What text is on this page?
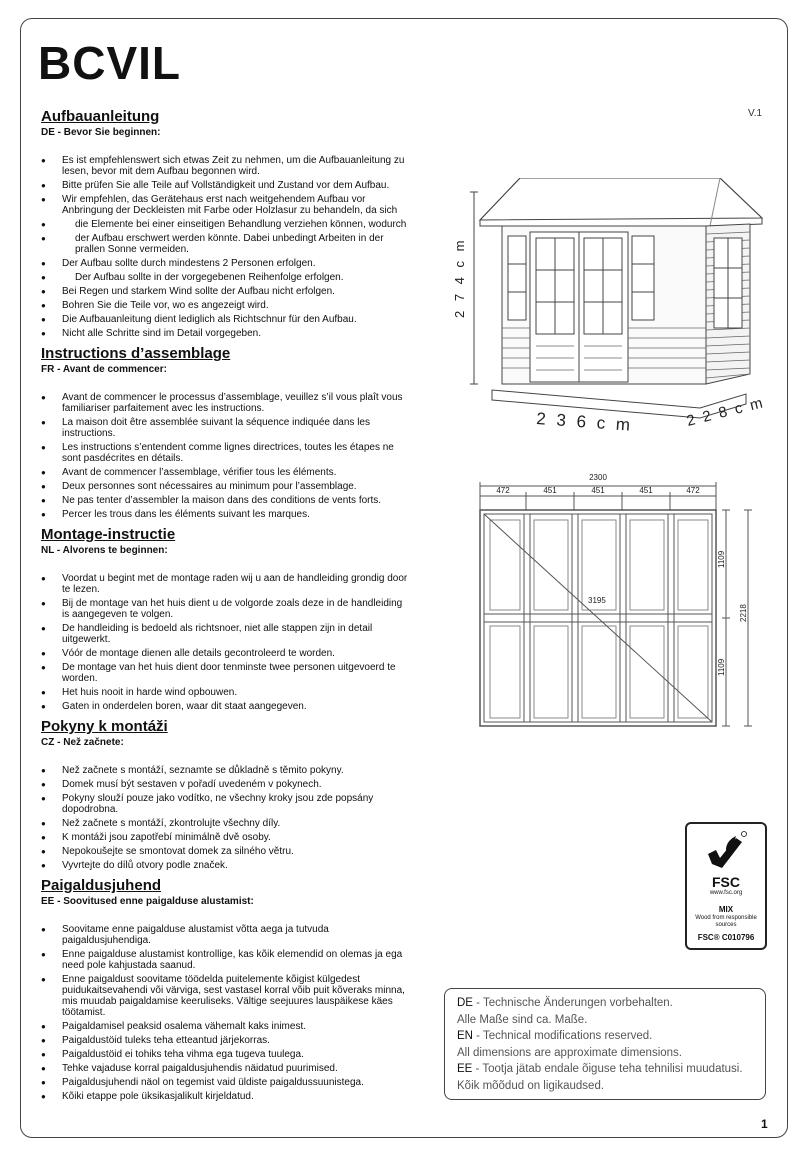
BCVIL
V.1
Aufbauanleitung
DE - Bevor Sie beginnen:
● Es ist empfehlenswert sich etwas Zeit zu nehmen, um die Aufbauanleitung zu lesen, bevor mit dem Aufbau begonnen wird.
● Bitte prüfen Sie alle Teile auf Vollständigkeit und Zustand vor dem Aufbau.
● Wir empfehlen, das Gerätehaus erst nach weitgehendem Aufbau vor Anbringung der Deckleisten mit Farbe oder Holzlasur zu behandeln, da sich
● die Elemente bei einer einseitigen Behandlung verziehen können, wodurch
● der Aufbau erschwert werden könnte. Dabei unbedingt Arbeiten in der prallen Sonne vermeiden.
● Der Aufbau sollte durch mindestens 2 Personen erfolgen.
● Der Aufbau sollte in der vorgegebenen Reihenfolge erfolgen.
● Bei Regen und starkem Wind sollte der Aufbau nicht erfolgen.
● Bohren Sie die Teile vor, wo es angezeigt wird.
● Die Aufbauanleitung dient lediglich als Richtschnur für den Aufbau.
● Nicht alle Schritte sind im Detail vorgegeben.
Instructions d’assemblage
FR - Avant de commencer:
● Avant de commencer le processus d’assemblage, veuillez s’il vous plaît vous familiariser parfaitement avec les instructions.
● La maison doit être assemblée suivant la séquence indiquée dans les instructions.
● Les instructions s’entendent comme lignes directrices, toutes les étapes ne sont pasdécrites en détails.
● Avant de commencer l’assemblage, vérifier tous les éléments.
● Deux personnes sont nécessaires au minimum pour l’assemblage.
● Ne pas tenter d’assembler la maison dans des conditions de vents forts.
● Percer les trous dans les éléments suivant les marques.
Montage-instructie
NL - Alvorens te beginnen:
● Voordat u begint met de montage raden wij u aan de handleiding grondig door te lezen.
● Bij de montage van het huis dient u de volgorde zoals deze in de handleiding is aangegeven te volgen.
● De handleiding is bedoeld als richtsnoer, niet alle stappen zijn in detail uitgewerkt.
● Vóór de montage dienen alle details gecontroleerd te worden.
● De montage van het huis dient door tenminste twee personen uitgevoerd te worden.
● Het huis nooit in harde wind opbouwen.
● Gaten in onderdelen boren, waar dit staat aangegeven.
Pokyny k montáži
CZ - Než začnete:
● Než začnete s montáží, seznamte se důkladně s těmito pokyny.
● Domek musí být sestaven v pořadí uvedeném v pokynech.
● Pokyny slouží pouze jako vodítko, ne všechny kroky jsou zde popsány dopodrobna.
● Než začnete s montáží, zkontrolujte všechny díly.
● K montáži jsou zapotřebí minimálně dvě osoby.
● Nepokoušejte se smontovat domek za silného větru.
● Vyvrtejte do dílů otvory podle značek.
Paigaldusjuhend
EE - Soovitused enne paigalduse alustamist:
● Soovitame enne paigalduse alustamist võtta aega ja tutvuda paigaldusjuhendiga.
● Enne paigalduse alustamist kontrollige, kas kõik elemendid on olemas ja ega need pole kahjustada saanud.
● Enne paigaldust soovitame töödelda puitelemente kõigist külgedest puidukaitsevahendi või värviga, sest vastasel korral võib puit kõveraks minna, mis muudab paigaldamise keeruliseks. Vältige seejuures lauspäikese käes töötamist.
● Paigaldamisel peaksid osalema vähemalt kaks inimest.
● Paigaldustöid tuleks teha etteantud järjekorras.
● Paigaldustöid ei tohiks teha vihma ega tugeva tuulega.
● Tehke vajaduse korral paigaldusjuhendis näidatud puurimised.
● Paigaldusjuhendi näol on tegemist vaid üldiste paigaldussuunistega.
● Kõiki etappe pole üksikasjalikult kirjeldatud.
2 3 6 c m	2 2 8 c m
2 7 4 c m
2300
472	451	451	451	472
3195
1109
1109
2218
FSC
www.fsc.org
MIX
Wood from responsible sources
FSC® C010796
DE - Technische Änderungen vorbehalten.
Alle Maße sind ca. Maße.
EN - Technical modifications reserved.
All dimensions are approximate dimensions.
EE - Tootja jätab endale õiguse teha tehnilisi muudatusi.
Kõik mõõdud on ligikaudsed.
1
